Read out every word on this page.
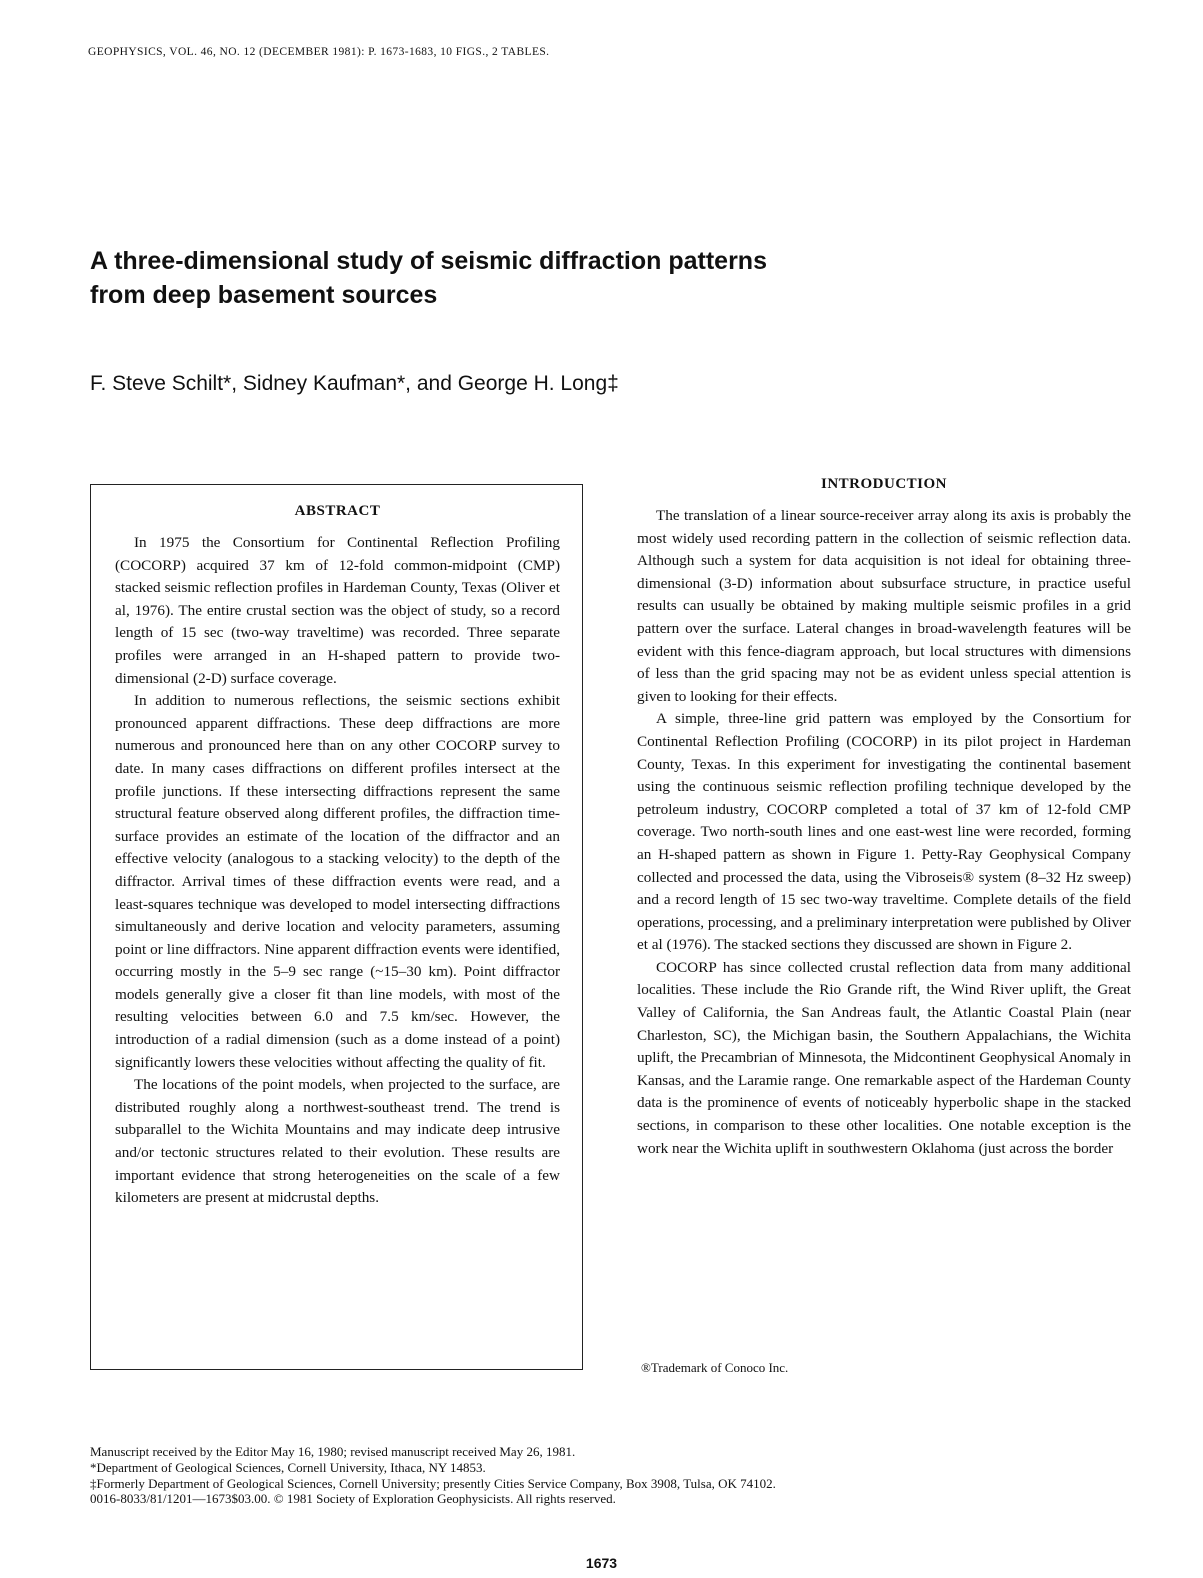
GEOPHYSICS, VOL. 46, NO. 12 (DECEMBER 1981): P. 1673-1683, 10 FIGS., 2 TABLES.
A three-dimensional study of seismic diffraction patterns
from deep basement sources
F. Steve Schilt*, Sidney Kaufman*, and George H. Long‡
ABSTRACT

In 1975 the Consortium for Continental Reflection Profiling (COCORP) acquired 37 km of 12-fold common-midpoint (CMP) stacked seismic reflection profiles in Hardeman County, Texas (Oliver et al, 1976). The entire crustal section was the object of study, so a record length of 15 sec (two-way traveltime) was recorded. Three separate profiles were arranged in an H-shaped pattern to provide two-dimensional (2-D) surface coverage.

In addition to numerous reflections, the seismic sections exhibit pronounced apparent diffractions. These deep diffractions are more numerous and pronounced here than on any other COCORP survey to date. In many cases diffractions on different profiles intersect at the profile junctions. If these intersecting diffractions represent the same structural feature observed along different profiles, the diffraction time-surface provides an estimate of the location of the diffractor and an effective velocity (analogous to a stacking velocity) to the depth of the diffractor. Arrival times of these diffraction events were read, and a least-squares technique was developed to model intersecting diffractions simultaneously and derive location and velocity parameters, assuming point or line diffractors. Nine apparent diffraction events were identified, occurring mostly in the 5–9 sec range (~15–30 km). Point diffractor models generally give a closer fit than line models, with most of the resulting velocities between 6.0 and 7.5 km/sec. However, the introduction of a radial dimension (such as a dome instead of a point) significantly lowers these velocities without affecting the quality of fit.

The locations of the point models, when projected to the surface, are distributed roughly along a northwest-southeast trend. The trend is subparallel to the Wichita Mountains and may indicate deep intrusive and/or tectonic structures related to their evolution. These results are important evidence that strong heterogeneities on the scale of a few kilometers are present at midcrustal depths.

INTRODUCTION

The translation of a linear source-receiver array along its axis is probably the most widely used recording pattern in the collection of seismic reflection data. Although such a system for data acquisition is not ideal for obtaining three-dimensional (3-D) information about subsurface structure, in practice useful results can usually be obtained by making multiple seismic profiles in a grid pattern over the surface. Lateral changes in broad-wavelength features will be evident with this fence-diagram approach, but local structures with dimensions of less than the grid spacing may not be as evident unless special attention is given to looking for their effects.

A simple, three-line grid pattern was employed by the Consortium for Continental Reflection Profiling (COCORP) in its pilot project in Hardeman County, Texas. In this experiment for investigating the continental basement using the continuous seismic reflection profiling technique developed by the petroleum industry, COCORP completed a total of 37 km of 12-fold CMP coverage. Two north-south lines and one east-west line were recorded, forming an H-shaped pattern as shown in Figure 1. Petty-Ray Geophysical Company collected and processed the data, using the Vibroseis® system (8–32 Hz sweep) and a record length of 15 sec two-way traveltime. Complete details of the field operations, processing, and a preliminary interpretation were published by Oliver et al (1976). The stacked sections they discussed are shown in Figure 2.

COCORP has since collected crustal reflection data from many additional localities. These include the Rio Grande rift, the Wind River uplift, the Great Valley of California, the San Andreas fault, the Atlantic Coastal Plain (near Charleston, SC), the Michigan basin, the Southern Appalachians, the Wichita uplift, the Precambrian of Minnesota, the Midcontinent Geophysical Anomaly in Kansas, and the Laramie range. One remarkable aspect of the Hardeman County data is the prominence of events of noticeably hyperbolic shape in the stacked sections, in comparison to these other localities. One notable exception is the work near the Wichita uplift in southwestern Oklahoma (just across the border

®Trademark of Conoco Inc.
Manuscript received by the Editor May 16, 1980; revised manuscript received May 26, 1981.
*Department of Geological Sciences, Cornell University, Ithaca, NY 14853.
‡Formerly Department of Geological Sciences, Cornell University; presently Cities Service Company, Box 3908, Tulsa, OK 74102.
0016-8033/81/1201—1673$03.00. © 1981 Society of Exploration Geophysicists. All rights reserved.
1673
